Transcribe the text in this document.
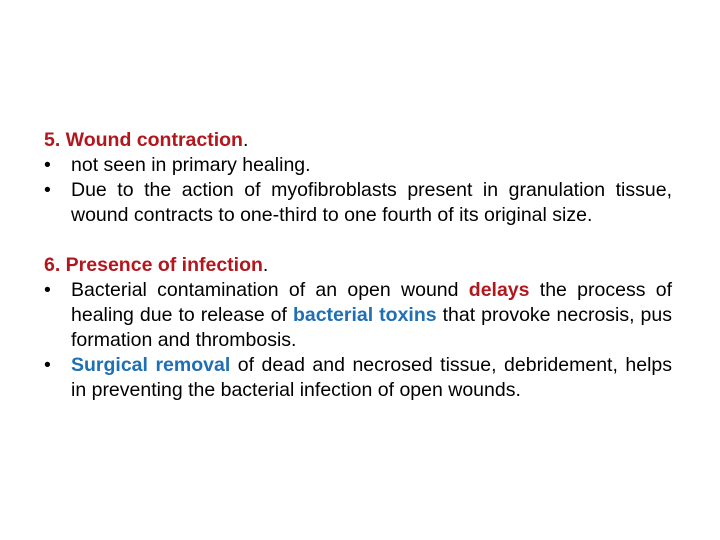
5. Wound contraction.

•	not seen in primary healing.
•	Due to the action of myofibroblasts present in granulation tissue, wound contracts to one-third to one fourth of its original size.

6. Presence of infection.

•	Bacterial contamination of an open wound delays the process of healing due to release of bacterial toxins that provoke necrosis, pus formation and thrombosis.
•	Surgical removal of dead and necrosed tissue, debridement, helps in preventing the bacterial infection of open wounds.
